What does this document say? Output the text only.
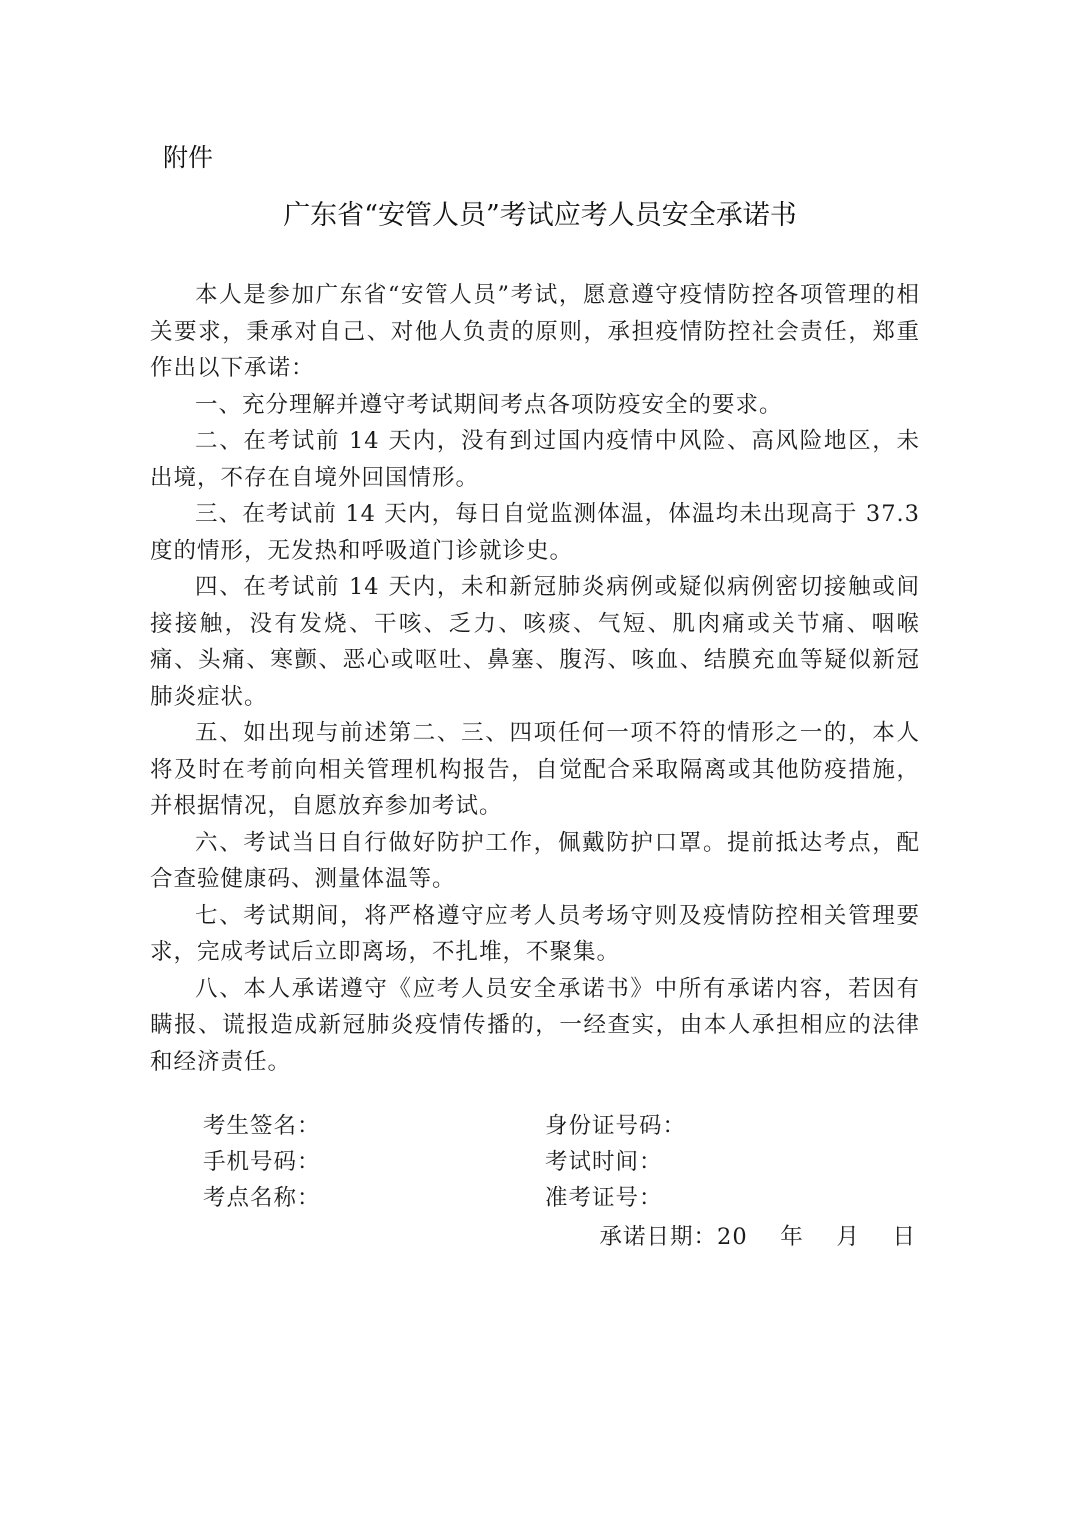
附件
广东省“安管人员”考试应考人员安全承诺书

本人是参加广东省“安管人员”考试，愿意遵守疫情防控各项管理的相关要求，秉承对自己、对他人负责的原则，承担疫情防控社会责任，郑重作出以下承诺：

一、充分理解并遵守考试期间考点各项防疫安全的要求。

二、在考试前 14 天内，没有到过国内疫情中风险、高风险地区，未出境，不存在自境外回国情形。

三、在考试前 14 天内，每日自觉监测体温，体温均未出现高于 37.3 度的情形，无发热和呼吸道门诊就诊史。

四、在考试前 14 天内，未和新冠肺炎病例或疑似病例密切接触或间接接触，没有发烧、干咳、乏力、咳痰、气短、肌肉痛或关节痛、咽喉痛、头痛、寒颤、恶心或呕吐、鼻塞、腹泻、咳血、结膜充血等疑似新冠肺炎症状。

五、如出现与前述第二、三、四项任何一项不符的情形之一的，本人将及时在考前向相关管理机构报告，自觉配合采取隔离或其他防疫措施，并根据情况，自愿放弃参加考试。

六、考试当日自行做好防护工作，佩戴防护口罩。提前抵达考点，配合查验健康码、测量体温等。

七、考试期间，将严格遵守应考人员考场守则及疫情防控相关管理要求，完成考试后立即离场，不扎堆，不聚集。

八、本人承诺遵守《应考人员安全承诺书》中所有承诺内容，若因有瞒报、谎报造成新冠肺炎疫情传播的，一经查实，由本人承担相应的法律和经济责任。

考生签名：	身份证号码：
手机号码：	考试时间：
考点名称：	准考证号：
承诺日期：20    年    月    日
